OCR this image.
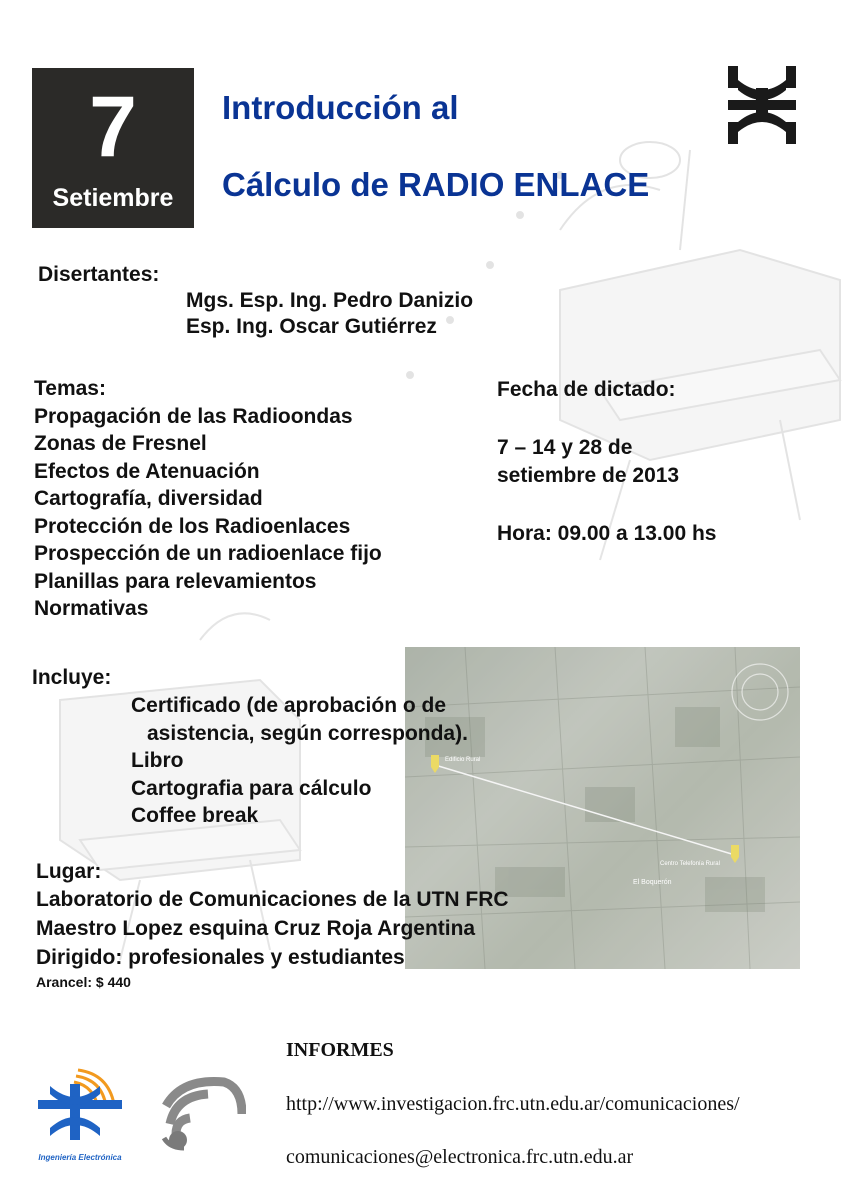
7
Setiembre
Introducción al
Cálculo de RADIO ENLACE
Disertantes:
Mgs. Esp. Ing. Pedro Danizio
Esp. Ing. Oscar Gutiérrez
Temas:
Propagación de las Radioondas
Zonas de Fresnel
Efectos de Atenuación
Cartografía, diversidad
Protección de los Radioenlaces
Prospección de un radioenlace fijo
Planillas para relevamientos
Normativas
Fecha de dictado:
7 – 14 y 28 de
setiembre de 2013
Hora: 09.00 a 13.00 hs
Edificio Rural
Centro Telefonía Rural
El Boquerón
Incluye:
Certificado (de aprobación o de
asistencia, según corresponda).
Libro
Cartografia para cálculo
Coffee break
Lugar:
Laboratorio de Comunicaciones de la UTN FRC
Maestro Lopez esquina Cruz Roja Argentina
Dirigido: profesionales y estudiantes
Arancel: $ 440
INFORMES
http://www.investigacion.frc.utn.edu.ar/comunicaciones/
comunicaciones@electronica.frc.utn.edu.ar
Ingeniería Electrónica
